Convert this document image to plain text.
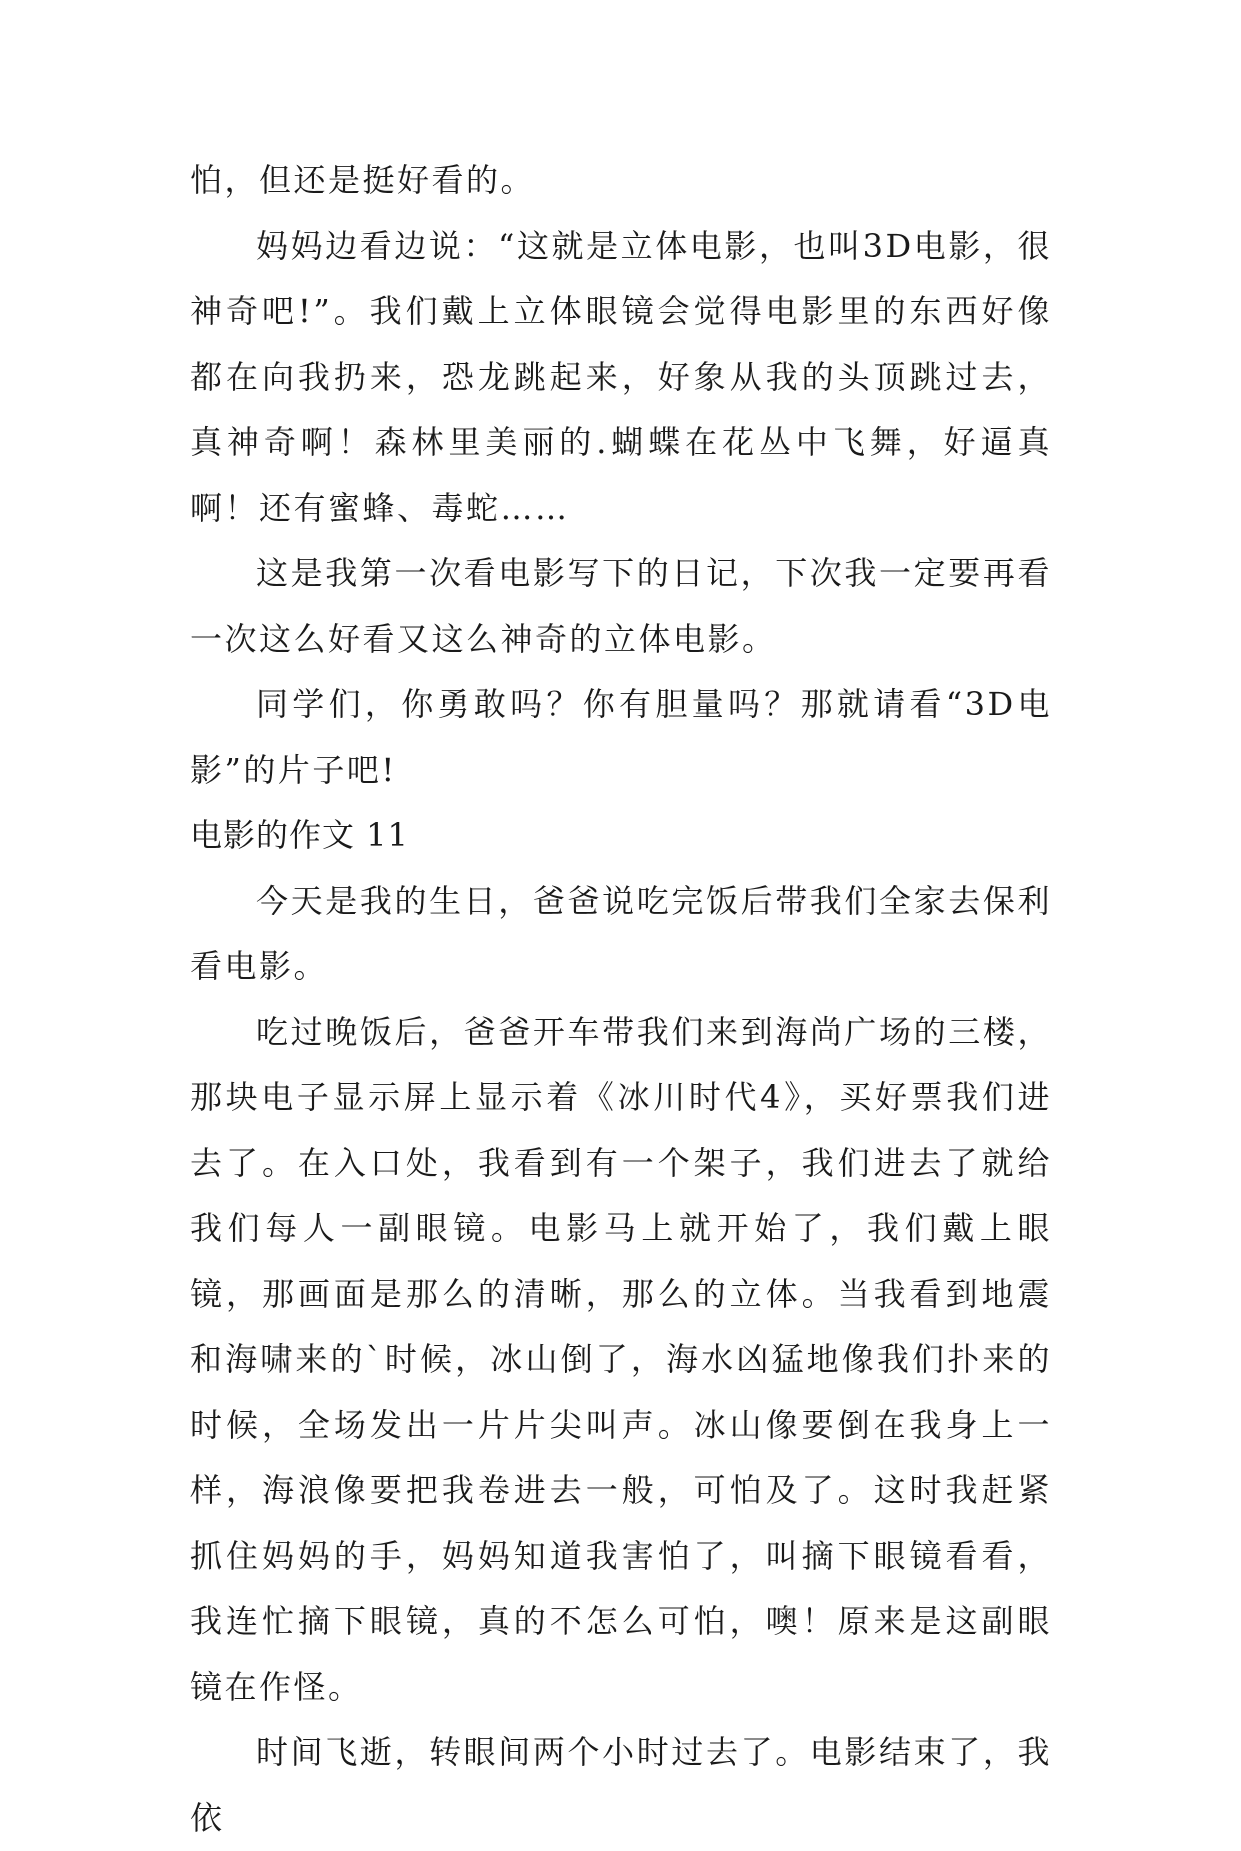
怕，但还是挺好看的。

妈妈边看边说：“这就是立体电影，也叫3D电影，很神奇吧!”。我们戴上立体眼镜会觉得电影里的东西好像都在向我扔来，恐龙跳起来，好象从我的头顶跳过去，真神奇啊！森林里美丽的.蝴蝶在花丛中飞舞，好逼真啊！还有蜜蜂、毒蛇……

这是我第一次看电影写下的日记，下次我一定要再看一次这么好看又这么神奇的立体电影。

同学们，你勇敢吗？你有胆量吗？那就请看“3D电影”的片子吧!

电影的作文 11

今天是我的生日，爸爸说吃完饭后带我们全家去保利看电影。

吃过晚饭后，爸爸开车带我们来到海尚广场的三楼，那块电子显示屏上显示着《冰川时代4》，买好票我们进去了。在入口处，我看到有一个架子，我们进去了就给我们每人一副眼镜。电影马上就开始了，我们戴上眼镜，那画面是那么的清晰，那么的立体。当我看到地震和海啸来的`时候，冰山倒了，海水凶猛地像我们扑来的时候，全场发出一片片尖叫声。冰山像要倒在我身上一样，海浪像要把我卷进去一般，可怕及了。这时我赶紧抓住妈妈的手，妈妈知道我害怕了，叫摘下眼镜看看，我连忙摘下眼镜，真的不怎么可怕，噢！原来是这副眼镜在作怪。

时间飞逝，转眼间两个小时过去了。电影结束了，我依
